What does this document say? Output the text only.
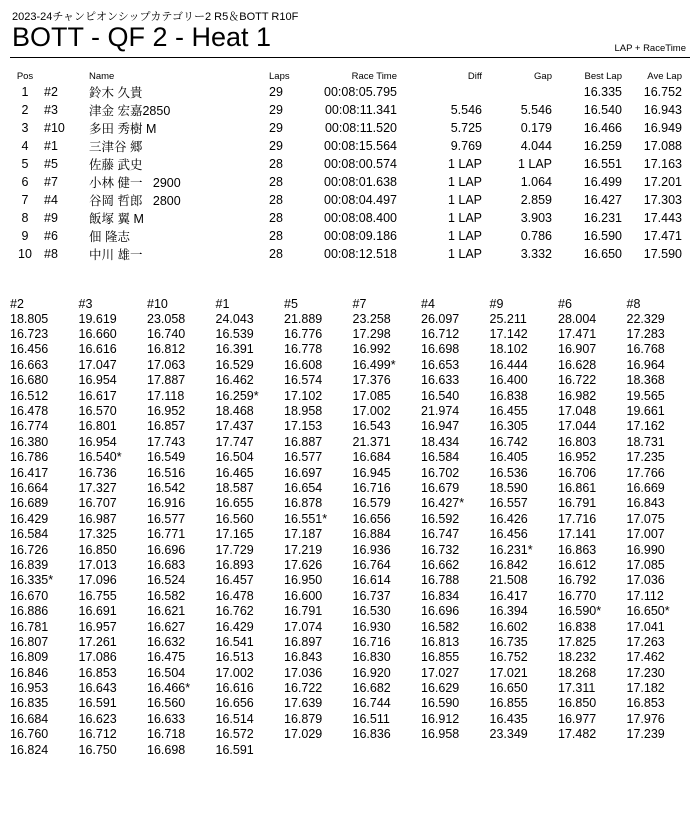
2023-24チャンピオンシップカテゴリー2 R5＆BOTT R10F
BOTT - QF 2 - Heat 1	LAP + RaceTime
Pos		Name	Laps	Race Time	Diff	Gap	Best Lap	Ave Lap
1	#2	鈴木 久貴	29	00:08:05.795			16.335	16.752
2	#3	津金 宏嘉2850	29	00:08:11.341	5.546	5.546	16.540	16.943
3	#10	多田 秀樹 M	29	00:08:11.520	5.725	0.179	16.466	16.949
4	#1	三津谷 郷	29	00:08:15.564	9.769	4.044	16.259	17.088
5	#5	佐藤 武史	28	00:08:00.574	1 LAP	1 LAP	16.551	17.163
6	#7	小林 健一   2900	28	00:08:01.638	1 LAP	1.064	16.499	17.201
7	#4	谷岡 哲郎   2800	28	00:08:04.497	1 LAP	2.859	16.427	17.303
8	#9	飯塚 翼 M	28	00:08:08.400	1 LAP	3.903	16.231	17.443
9	#6	佃 隆志	28	00:08:09.186	1 LAP	0.786	16.590	17.471
10	#8	中川 雄一	28	00:08:12.518	1 LAP	3.332	16.650	17.590
#2	#3	#10	#1	#5	#7	#4	#9	#6	#8
18.805	19.619	23.058	24.043	21.889	23.258	26.097	25.211	28.004	22.329
16.723	16.660	16.740	16.539	16.776	17.298	16.712	17.142	17.471	17.283
16.456	16.616	16.812	16.391	16.778	16.992	16.698	18.102	16.907	16.768
16.663	17.047	17.063	16.529	16.608	16.499*	16.653	16.444	16.628	16.964
16.680	16.954	17.887	16.462	16.574	17.376	16.633	16.400	16.722	18.368
16.512	16.617	17.118	16.259*	17.102	17.085	16.540	16.838	16.982	19.565
16.478	16.570	16.952	18.468	18.958	17.002	21.974	16.455	17.048	19.661
16.774	16.801	16.857	17.437	17.153	16.543	16.947	16.305	17.044	17.162
16.380	16.954	17.743	17.747	16.887	21.371	18.434	16.742	16.803	18.731
16.786	16.540*	16.549	16.504	16.577	16.684	16.584	16.405	16.952	17.235
16.417	16.736	16.516	16.465	16.697	16.945	16.702	16.536	16.706	17.766
16.664	17.327	16.542	18.587	16.654	16.716	16.679	18.590	16.861	16.669
16.689	16.707	16.916	16.655	16.878	16.579	16.427*	16.557	16.791	16.843
16.429	16.987	16.577	16.560	16.551*	16.656	16.592	16.426	17.716	17.075
16.584	17.325	16.771	17.165	17.187	16.884	16.747	16.456	17.141	17.007
16.726	16.850	16.696	17.729	17.219	16.936	16.732	16.231*	16.863	16.990
16.839	17.013	16.683	16.893	17.626	16.764	16.662	16.842	16.612	17.085
16.335*	17.096	16.524	16.457	16.950	16.614	16.788	21.508	16.792	17.036
16.670	16.755	16.582	16.478	16.600	16.737	16.834	16.417	16.770	17.112
16.886	16.691	16.621	16.762	16.791	16.530	16.696	16.394	16.590*	16.650*
16.781	16.957	16.627	16.429	17.074	16.930	16.582	16.602	16.838	17.041
16.807	17.261	16.632	16.541	16.897	16.716	16.813	16.735	17.825	17.263
16.809	17.086	16.475	16.513	16.843	16.830	16.855	16.752	18.232	17.462
16.846	16.853	16.504	17.002	17.036	16.920	17.027	17.021	18.268	17.230
16.953	16.643	16.466*	16.616	16.722	16.682	16.629	16.650	17.311	17.182
16.835	16.591	16.560	16.656	17.639	16.744	16.590	16.855	16.850	16.853
16.684	16.623	16.633	16.514	16.879	16.511	16.912	16.435	16.977	17.976
16.760	16.712	16.718	16.572	17.029	16.836	16.958	23.349	17.482	17.239
16.824	16.750	16.698	16.591						
